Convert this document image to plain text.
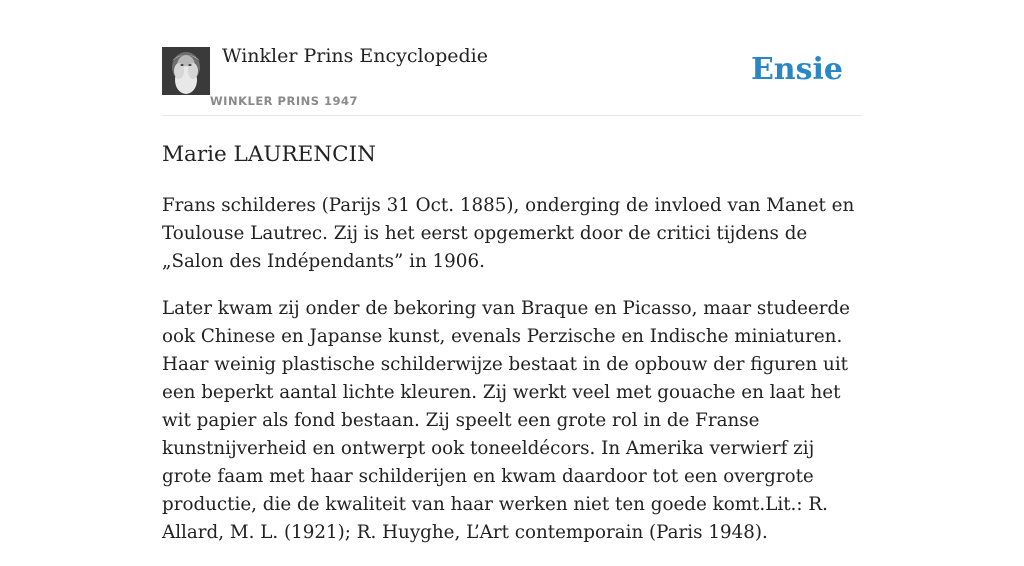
Winkler Prins Encyclopedie
WINKLER PRINS 1947
Ensie
Marie LAURENCIN

Frans schilderes (Parijs 31 Oct. 1885), onderging de invloed van Manet en Toulouse Lautrec. Zij is het eerst opgemerkt door de critici tijdens de „Salon des Indépendants” in 1906.

Later kwam zij onder de bekoring van Braque en Picasso, maar studeerde ook Chinese en Japanse kunst, evenals Perzische en Indische miniaturen. Haar weinig plastische schilderwijze bestaat in de opbouw der figuren uit een beperkt aantal lichte kleuren. Zij werkt veel met gouache en laat het wit papier als fond bestaan. Zij speelt een grote rol in de Franse kunstnijverheid en ontwerpt ook toneeldécors. In Amerika verwierf zij grote faam met haar schilderijen en kwam daardoor tot een overgrote productie, die de kwaliteit van haar werken niet ten goede komt.Lit.: R. Allard, M. L. (1921); R. Huyghe, L’Art contemporain (Paris 1948).
